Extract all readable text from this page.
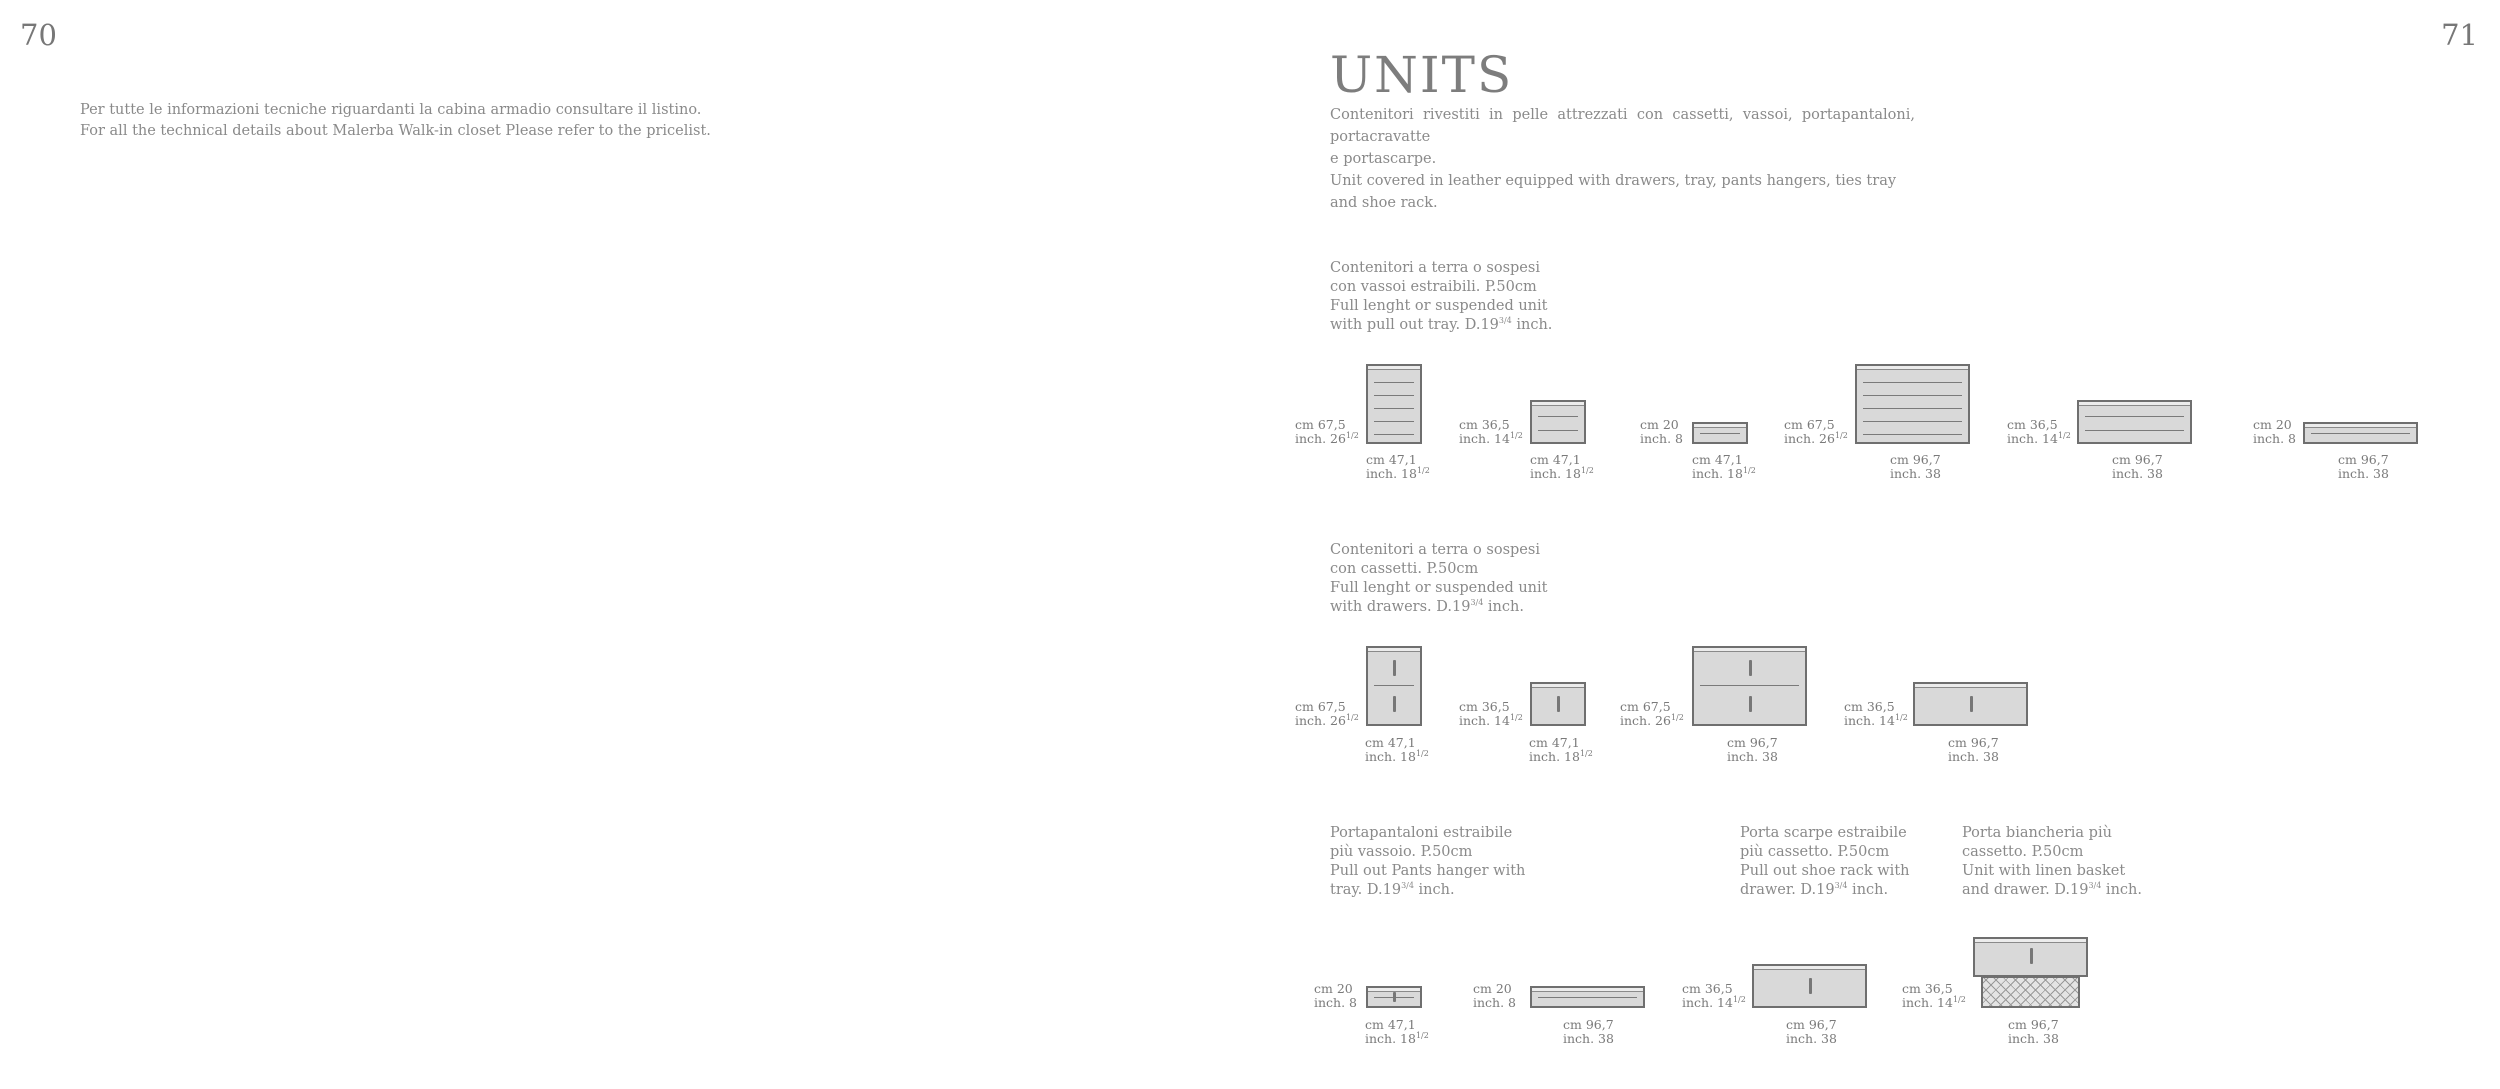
70	71
Per tutte le informazioni tecniche riguardanti la cabina armadio consultare il listino.
For all the technical details about Malerba Walk-in closet Please refer to the pricelist.
UNITS
Contenitori rivestiti in pelle attrezzati con cassetti, vassoi, portapantaloni, portacravatte
e portascarpe.
Unit covered in leather equipped with drawers, tray, pants hangers, ties tray and shoe rack.
Contenitori a terra o sospesi
con vassoi estraibili. P.50cm
Full lenght or suspended unit
with pull out tray. $D.19^{3/4}$ inch.
Contenitori a terra o sospesi
con cassetti. P.50cm
Full lenght or suspended unit
with drawers. $D.19^{3/4}$ inch.
Portapantaloni estraibile
più vassoio. P.50cm
Pull out Pants hanger with
tray. $D.19^{3/4}$ inch.
Porta scarpe estraibile
più cassetto. P.50cm
Pull out shoe rack with
drawer. $D.19^{3/4}$ inch.
Porta biancheria più
cassetto. P.50cm
Unit with linen basket
and drawer. $D.19^{3/4}$ inch.
cm 67,5
inch. $26^{1/2}$
cm 36,5
inch. $14^{1/2}$
cm 20
inch. 8
cm 67,5
inch. $26^{1/2}$
cm 36,5
inch. $14^{1/2}$
cm 20
inch. 8
cm 47,1
inch. $18^{1/2}$
cm 47,1
inch. $18^{1/2}$
cm 47,1
inch. $18^{1/2}$
cm 96,7
inch. 38
cm 96,7
inch. 38
cm 96,7
inch. 38
cm 67,5
inch. $26^{1/2}$
cm 36,5
inch. $14^{1/2}$
cm 67,5
inch. $26^{1/2}$
cm 36,5
inch. $14^{1/2}$
cm 47,1
inch. $18^{1/2}$
cm 47,1
inch. $18^{1/2}$
cm 96,7
inch. 38
cm 96,7
inch. 38
cm 20
inch. 8
cm 20
inch. 8
cm 36,5
inch. $14^{1/2}$
cm 36,5
inch. $14^{1/2}$
cm 47,1
inch. $18^{1/2}$
cm 96,7
inch. 38
cm 96,7
inch. 38
cm 96,7
inch. 38
